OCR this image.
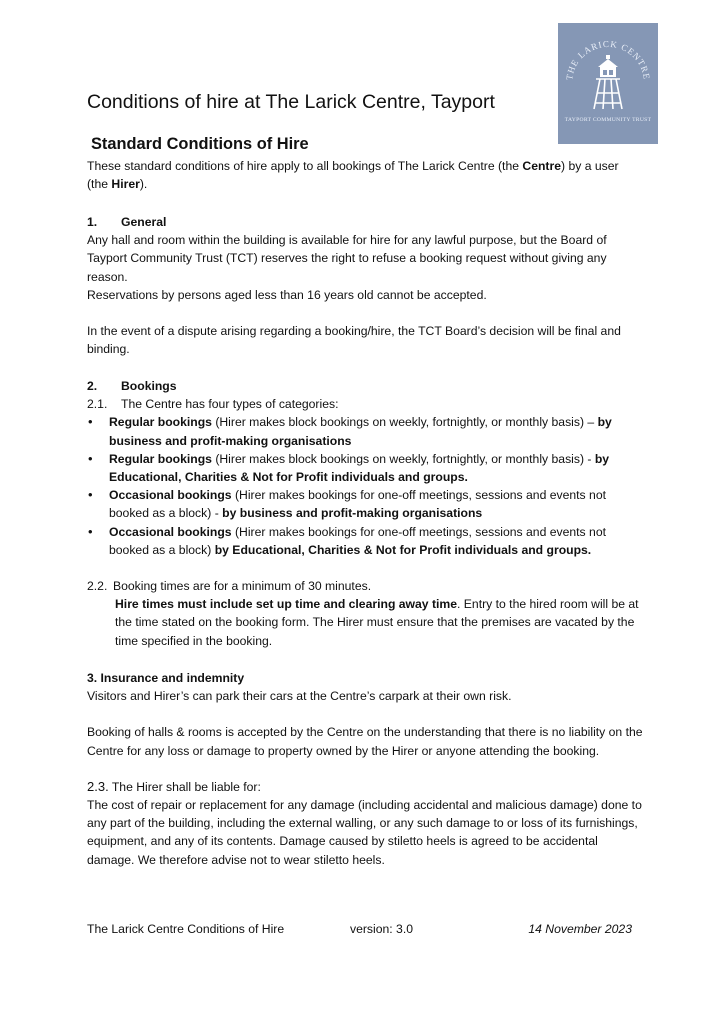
THE LARICK CENTRE
TAYPORT COMMUNITY TRUST
Conditions of hire at The Larick Centre, Tayport
Standard Conditions of Hire

These standard conditions of hire apply to all bookings of The Larick Centre (the Centre) by a user
(the Hirer).

1. General

Any hall and room within the building is available for hire for any lawful purpose, but the Board of Tayport Community Trust (TCT) reserves the right to refuse a booking request without giving any reason.

Reservations by persons aged less than 16 years old cannot be accepted.

In the event of a dispute arising regarding a booking/hire, the TCT Board’s decision will be final and binding.

2. Bookings

2.1. The Centre has four types of categories:

• Regular bookings (Hirer makes block bookings on weekly, fortnightly, or monthly basis) – by business and profit-making organisations
• Regular bookings (Hirer makes block bookings on weekly, fortnightly, or monthly basis) - by Educational, Charities & Not for Profit individuals and groups.
• Occasional bookings (Hirer makes bookings for one-off meetings, sessions and events not booked as a block) - by business and profit-making organisations
• Occasional bookings (Hirer makes bookings for one-off meetings, sessions and events not booked as a block) by Educational, Charities & Not for Profit individuals and groups.

2.2. Booking times are for a minimum of 30 minutes.

Hire times must include set up time and clearing away time. Entry to the hired room will be at the time stated on the booking form. The Hirer must ensure that the premises are vacated by the time specified in the booking.

3. Insurance and indemnity

Visitors and Hirer’s can park their cars at the Centre’s carpark at their own risk.

Booking of halls & rooms is accepted by the Centre on the understanding that there is no liability on the Centre for any loss or damage to property owned by the Hirer or anyone attending the booking.

2.3. The Hirer shall be liable for:

The cost of repair or replacement for any damage (including accidental and malicious damage) done to any part of the building, including the external walling, or any such damage to or loss of its furnishings, equipment, and any of its contents. Damage caused by stiletto heels is agreed to be accidental damage. We therefore advise not to wear stiletto heels.

The Larick Centre Conditions of Hire	version: 3.0	14 November 2023
